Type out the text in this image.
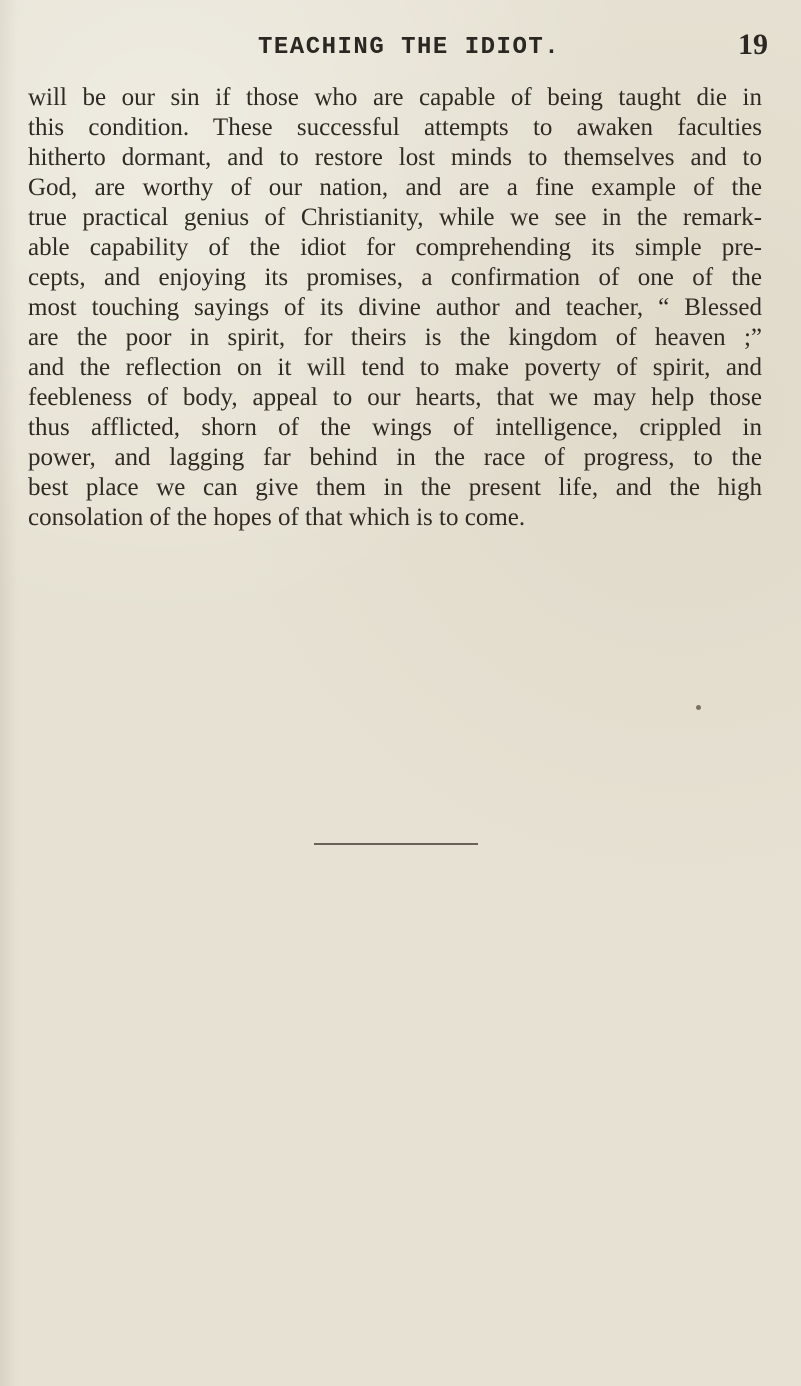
TEACHING THE IDIOT.	19
will be our sin if those who are capable of being taught die in
this condition. These successful attempts to awaken faculties
hitherto dormant, and to restore lost minds to themselves and to
God, are worthy of our nation, and are a fine example of the
true practical genius of Christianity, while we see in the remark-
able capability of the idiot for comprehending its simple pre-
cepts, and enjoying its promises, a confirmation of one of the
most touching sayings of its divine author and teacher, “ Blessed
are the poor in spirit, for theirs is the kingdom of heaven ;”
and the reflection on it will tend to make poverty of spirit, and
feebleness of body, appeal to our hearts, that we may help those
thus afflicted, shorn of the wings of intelligence, crippled in
power, and lagging far behind in the race of progress, to the
best place we can give them in the present life, and the high
consolation of the hopes of that which is to come.
